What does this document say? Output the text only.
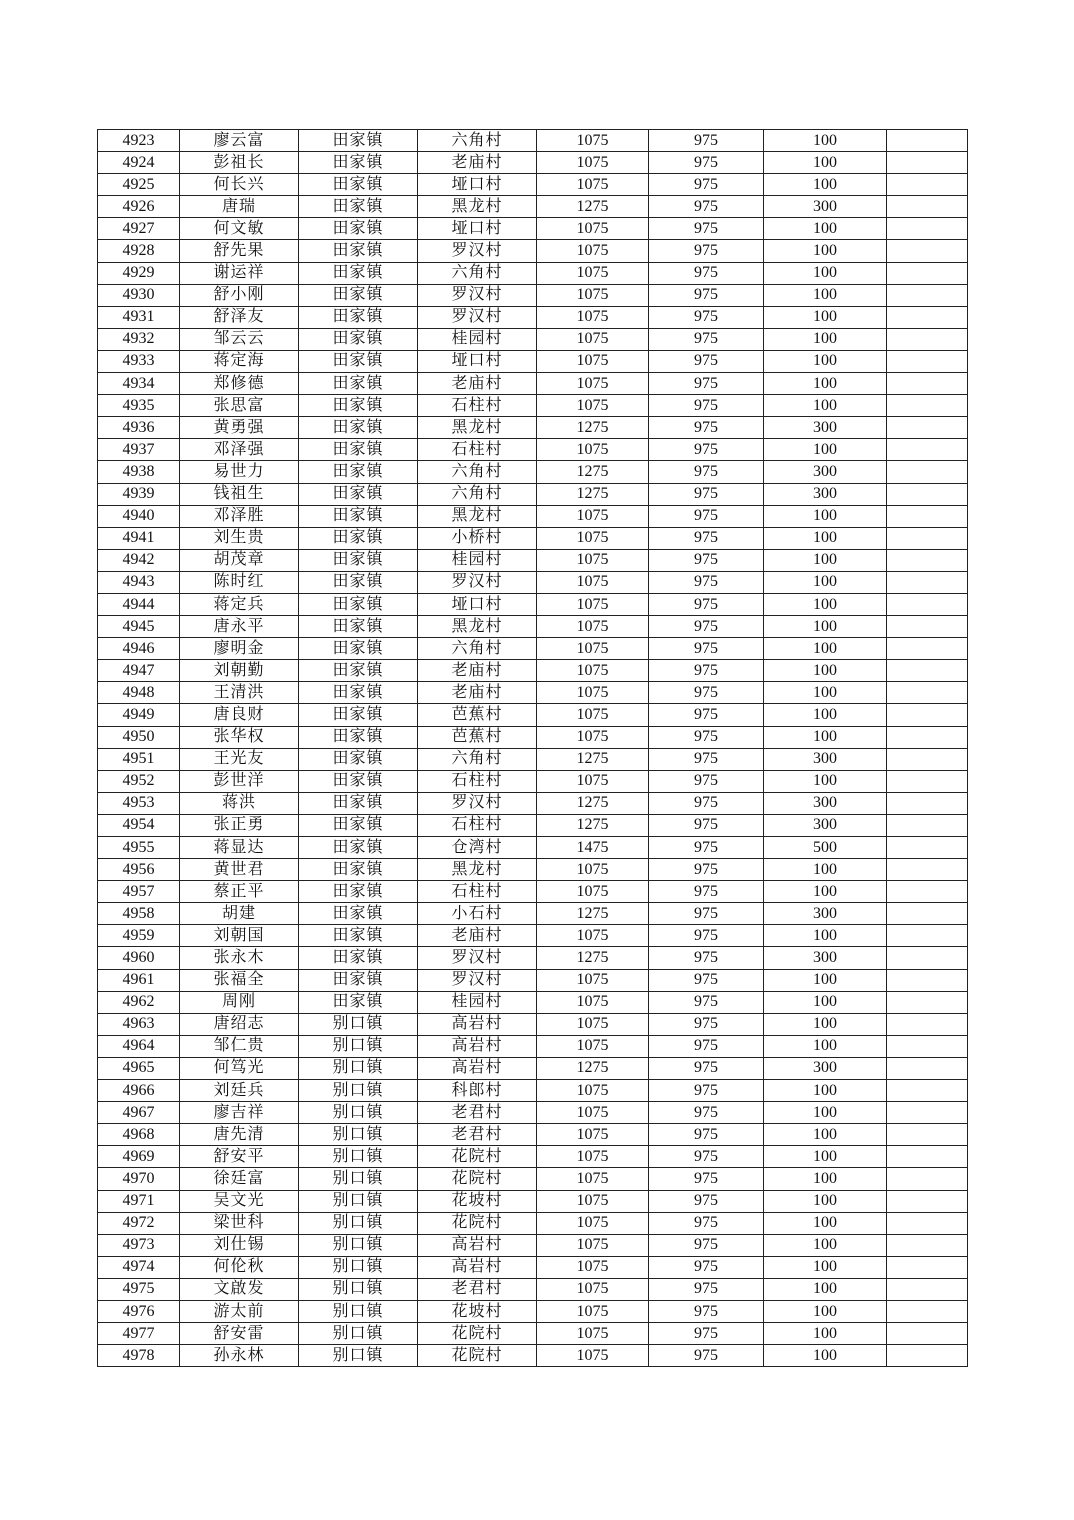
4923	廖云富	田家镇	六角村	1075	975	100	
4924	彭祖长	田家镇	老庙村	1075	975	100	
4925	何长兴	田家镇	垭口村	1075	975	100	
4926	唐瑞	田家镇	黑龙村	1275	975	300	
4927	何文敏	田家镇	垭口村	1075	975	100	
4928	舒先果	田家镇	罗汉村	1075	975	100	
4929	谢运祥	田家镇	六角村	1075	975	100	
4930	舒小刚	田家镇	罗汉村	1075	975	100	
4931	舒泽友	田家镇	罗汉村	1075	975	100	
4932	邹云云	田家镇	桂园村	1075	975	100	
4933	蒋定海	田家镇	垭口村	1075	975	100	
4934	郑修德	田家镇	老庙村	1075	975	100	
4935	张思富	田家镇	石柱村	1075	975	100	
4936	黄勇强	田家镇	黑龙村	1275	975	300	
4937	邓泽强	田家镇	石柱村	1075	975	100	
4938	易世力	田家镇	六角村	1275	975	300	
4939	钱祖生	田家镇	六角村	1275	975	300	
4940	邓泽胜	田家镇	黑龙村	1075	975	100	
4941	刘生贵	田家镇	小桥村	1075	975	100	
4942	胡茂章	田家镇	桂园村	1075	975	100	
4943	陈时红	田家镇	罗汉村	1075	975	100	
4944	蒋定兵	田家镇	垭口村	1075	975	100	
4945	唐永平	田家镇	黑龙村	1075	975	100	
4946	廖明金	田家镇	六角村	1075	975	100	
4947	刘朝勤	田家镇	老庙村	1075	975	100	
4948	王清洪	田家镇	老庙村	1075	975	100	
4949	唐良财	田家镇	芭蕉村	1075	975	100	
4950	张华权	田家镇	芭蕉村	1075	975	100	
4951	王光友	田家镇	六角村	1275	975	300	
4952	彭世洋	田家镇	石柱村	1075	975	100	
4953	蒋洪	田家镇	罗汉村	1275	975	300	
4954	张正勇	田家镇	石柱村	1275	975	300	
4955	蒋显达	田家镇	仓湾村	1475	975	500	
4956	黄世君	田家镇	黑龙村	1075	975	100	
4957	蔡正平	田家镇	石柱村	1075	975	100	
4958	胡建	田家镇	小石村	1275	975	300	
4959	刘朝国	田家镇	老庙村	1075	975	100	
4960	张永木	田家镇	罗汉村	1275	975	300	
4961	张福全	田家镇	罗汉村	1075	975	100	
4962	周刚	田家镇	桂园村	1075	975	100	
4963	唐绍志	别口镇	高岩村	1075	975	100	
4964	邹仁贵	别口镇	高岩村	1075	975	100	
4965	何笃光	别口镇	高岩村	1275	975	300	
4966	刘廷兵	别口镇	科郎村	1075	975	100	
4967	廖吉祥	别口镇	老君村	1075	975	100	
4968	唐先清	别口镇	老君村	1075	975	100	
4969	舒安平	别口镇	花院村	1075	975	100	
4970	徐廷富	别口镇	花院村	1075	975	100	
4971	吴文光	别口镇	花坡村	1075	975	100	
4972	梁世科	别口镇	花院村	1075	975	100	
4973	刘仕锡	别口镇	高岩村	1075	975	100	
4974	何伦秋	别口镇	高岩村	1075	975	100	
4975	文啟发	别口镇	老君村	1075	975	100	
4976	游太前	别口镇	花坡村	1075	975	100	
4977	舒安雷	别口镇	花院村	1075	975	100	
4978	孙永林	别口镇	花院村	1075	975	100	
